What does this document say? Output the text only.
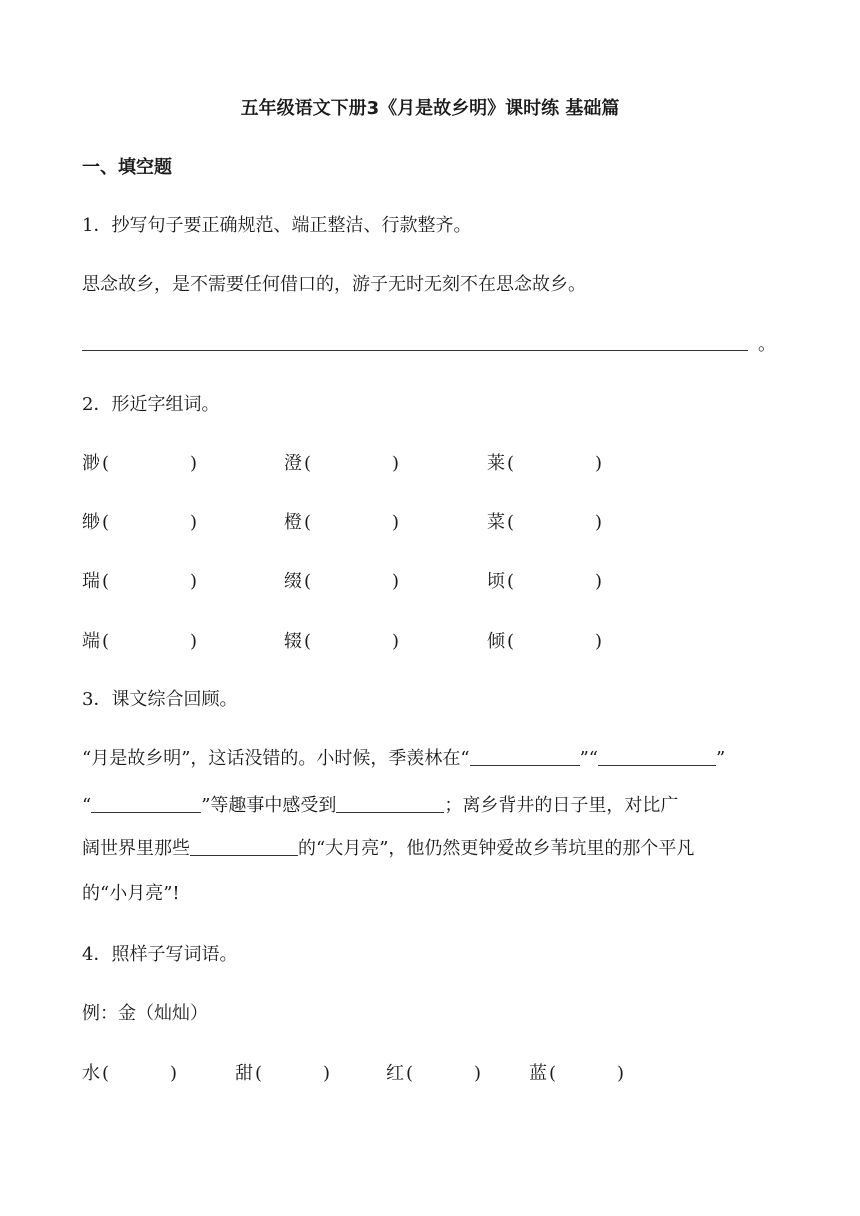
五年级语文下册3《月是故乡明》课时练 基础篇
一、填空题
1．抄写句子要正确规范、端正整洁、行款整齐。
思念故乡，是不需要任何借口的，游子无时无刻不在思念故乡。
。
2．形近字组词。
渺 (	)	澄 (	)	莱 (	)
缈 (	)	橙 (	)	菜 (	)
瑞 (	)	缀 (	)	顷 (	)
端 (	)	辍 (	)	倾 (	)
3．课文综合回顾。
“月是故乡明”，这话没错的。小时候，季羡林在“	”“	”
“	”等趣事中感受到	；离乡背井的日子里，对比广
阔世界里那些	的“大月亮”，他仍然更钟爱故乡苇坑里的那个平凡
的“小月亮”!
4．照样子写词语。
例：金（灿灿）
水 (	)	甜 (	)	红 (	)	蓝 (	)
